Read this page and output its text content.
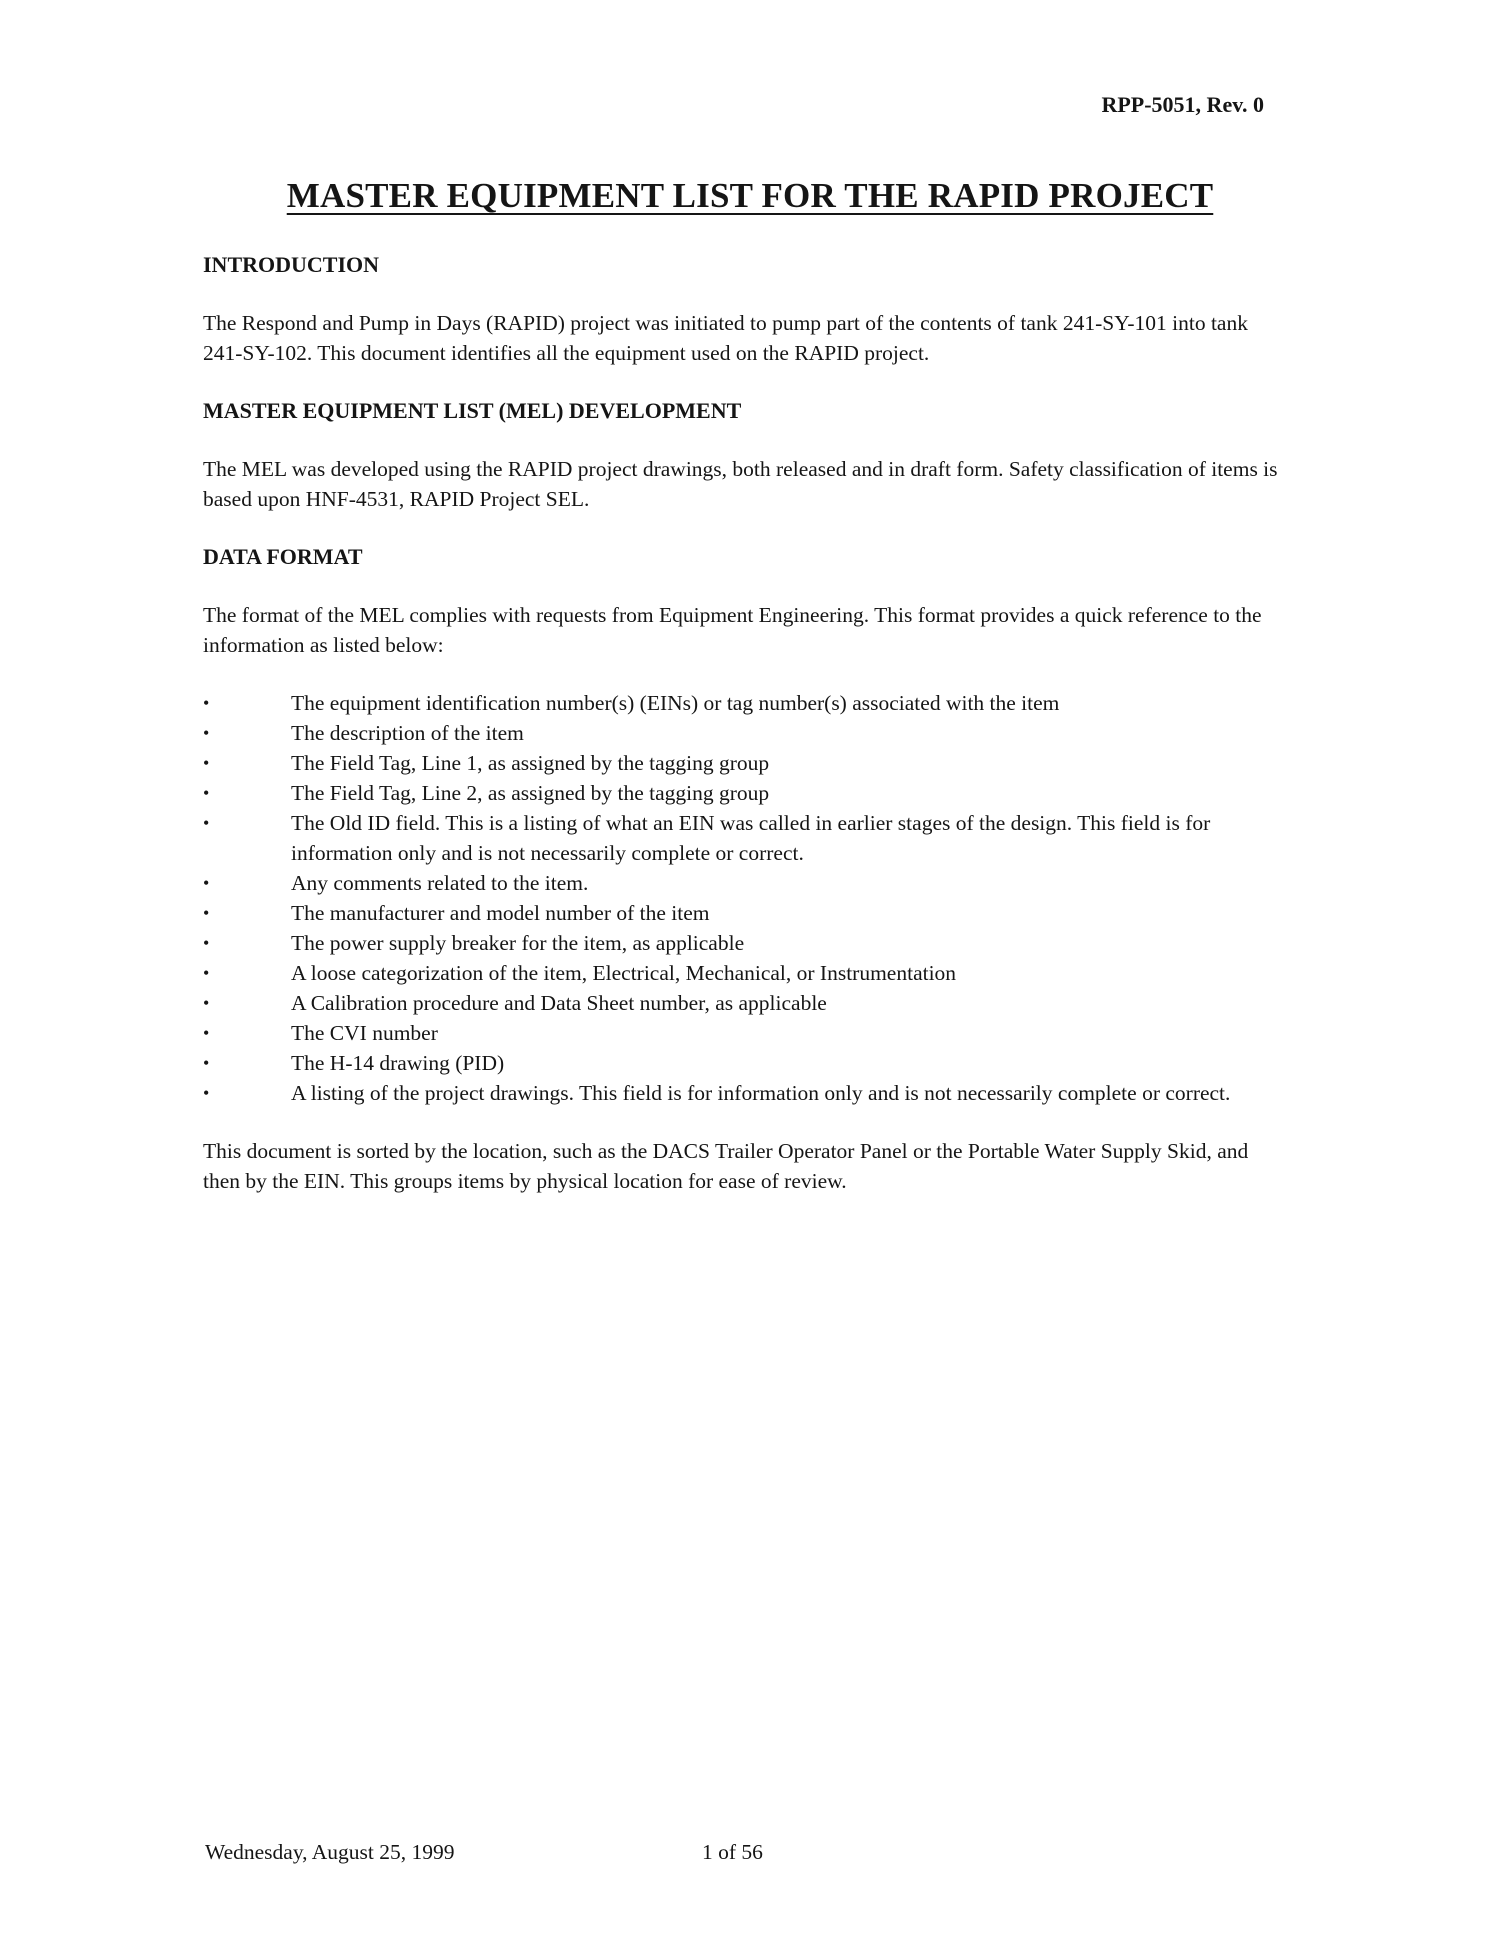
RPP-5051, Rev. 0
MASTER EQUIPMENT LIST FOR THE RAPID PROJECT
INTRODUCTION
The Respond and Pump in Days (RAPID) project was initiated to pump part of the contents of tank 241-SY-101 into tank 241-SY-102. This document identifies all the equipment used on the RAPID project.
MASTER EQUIPMENT LIST (MEL) DEVELOPMENT
The MEL was developed using the RAPID project drawings, both released and in draft form. Safety classification of items is based upon HNF-4531, RAPID Project SEL.
DATA FORMAT
The format of the MEL complies with requests from Equipment Engineering. This format provides a quick reference to the information as listed below:
•	The equipment identification number(s) (EINs) or tag number(s) associated with the item
•	The description of the item
•	The Field Tag, Line 1, as assigned by the tagging group
•	The Field Tag, Line 2, as assigned by the tagging group
•	The Old ID field. This is a listing of what an EIN was called in earlier stages of the design. This field is for information only and is not necessarily complete or correct.
•	Any comments related to the item.
•	The manufacturer and model number of the item
•	The power supply breaker for the item, as applicable
•	A loose categorization of the item, Electrical, Mechanical, or Instrumentation
•	A Calibration procedure and Data Sheet number, as applicable
•	The CVI number
•	The H-14 drawing (PID)
•	A listing of the project drawings. This field is for information only and is not necessarily complete or correct.
This document is sorted by the location, such as the DACS Trailer Operator Panel or the Portable Water Supply Skid, and then by the EIN. This groups items by physical location for ease of review.
Wednesday, August 25, 1999	1 of 56
